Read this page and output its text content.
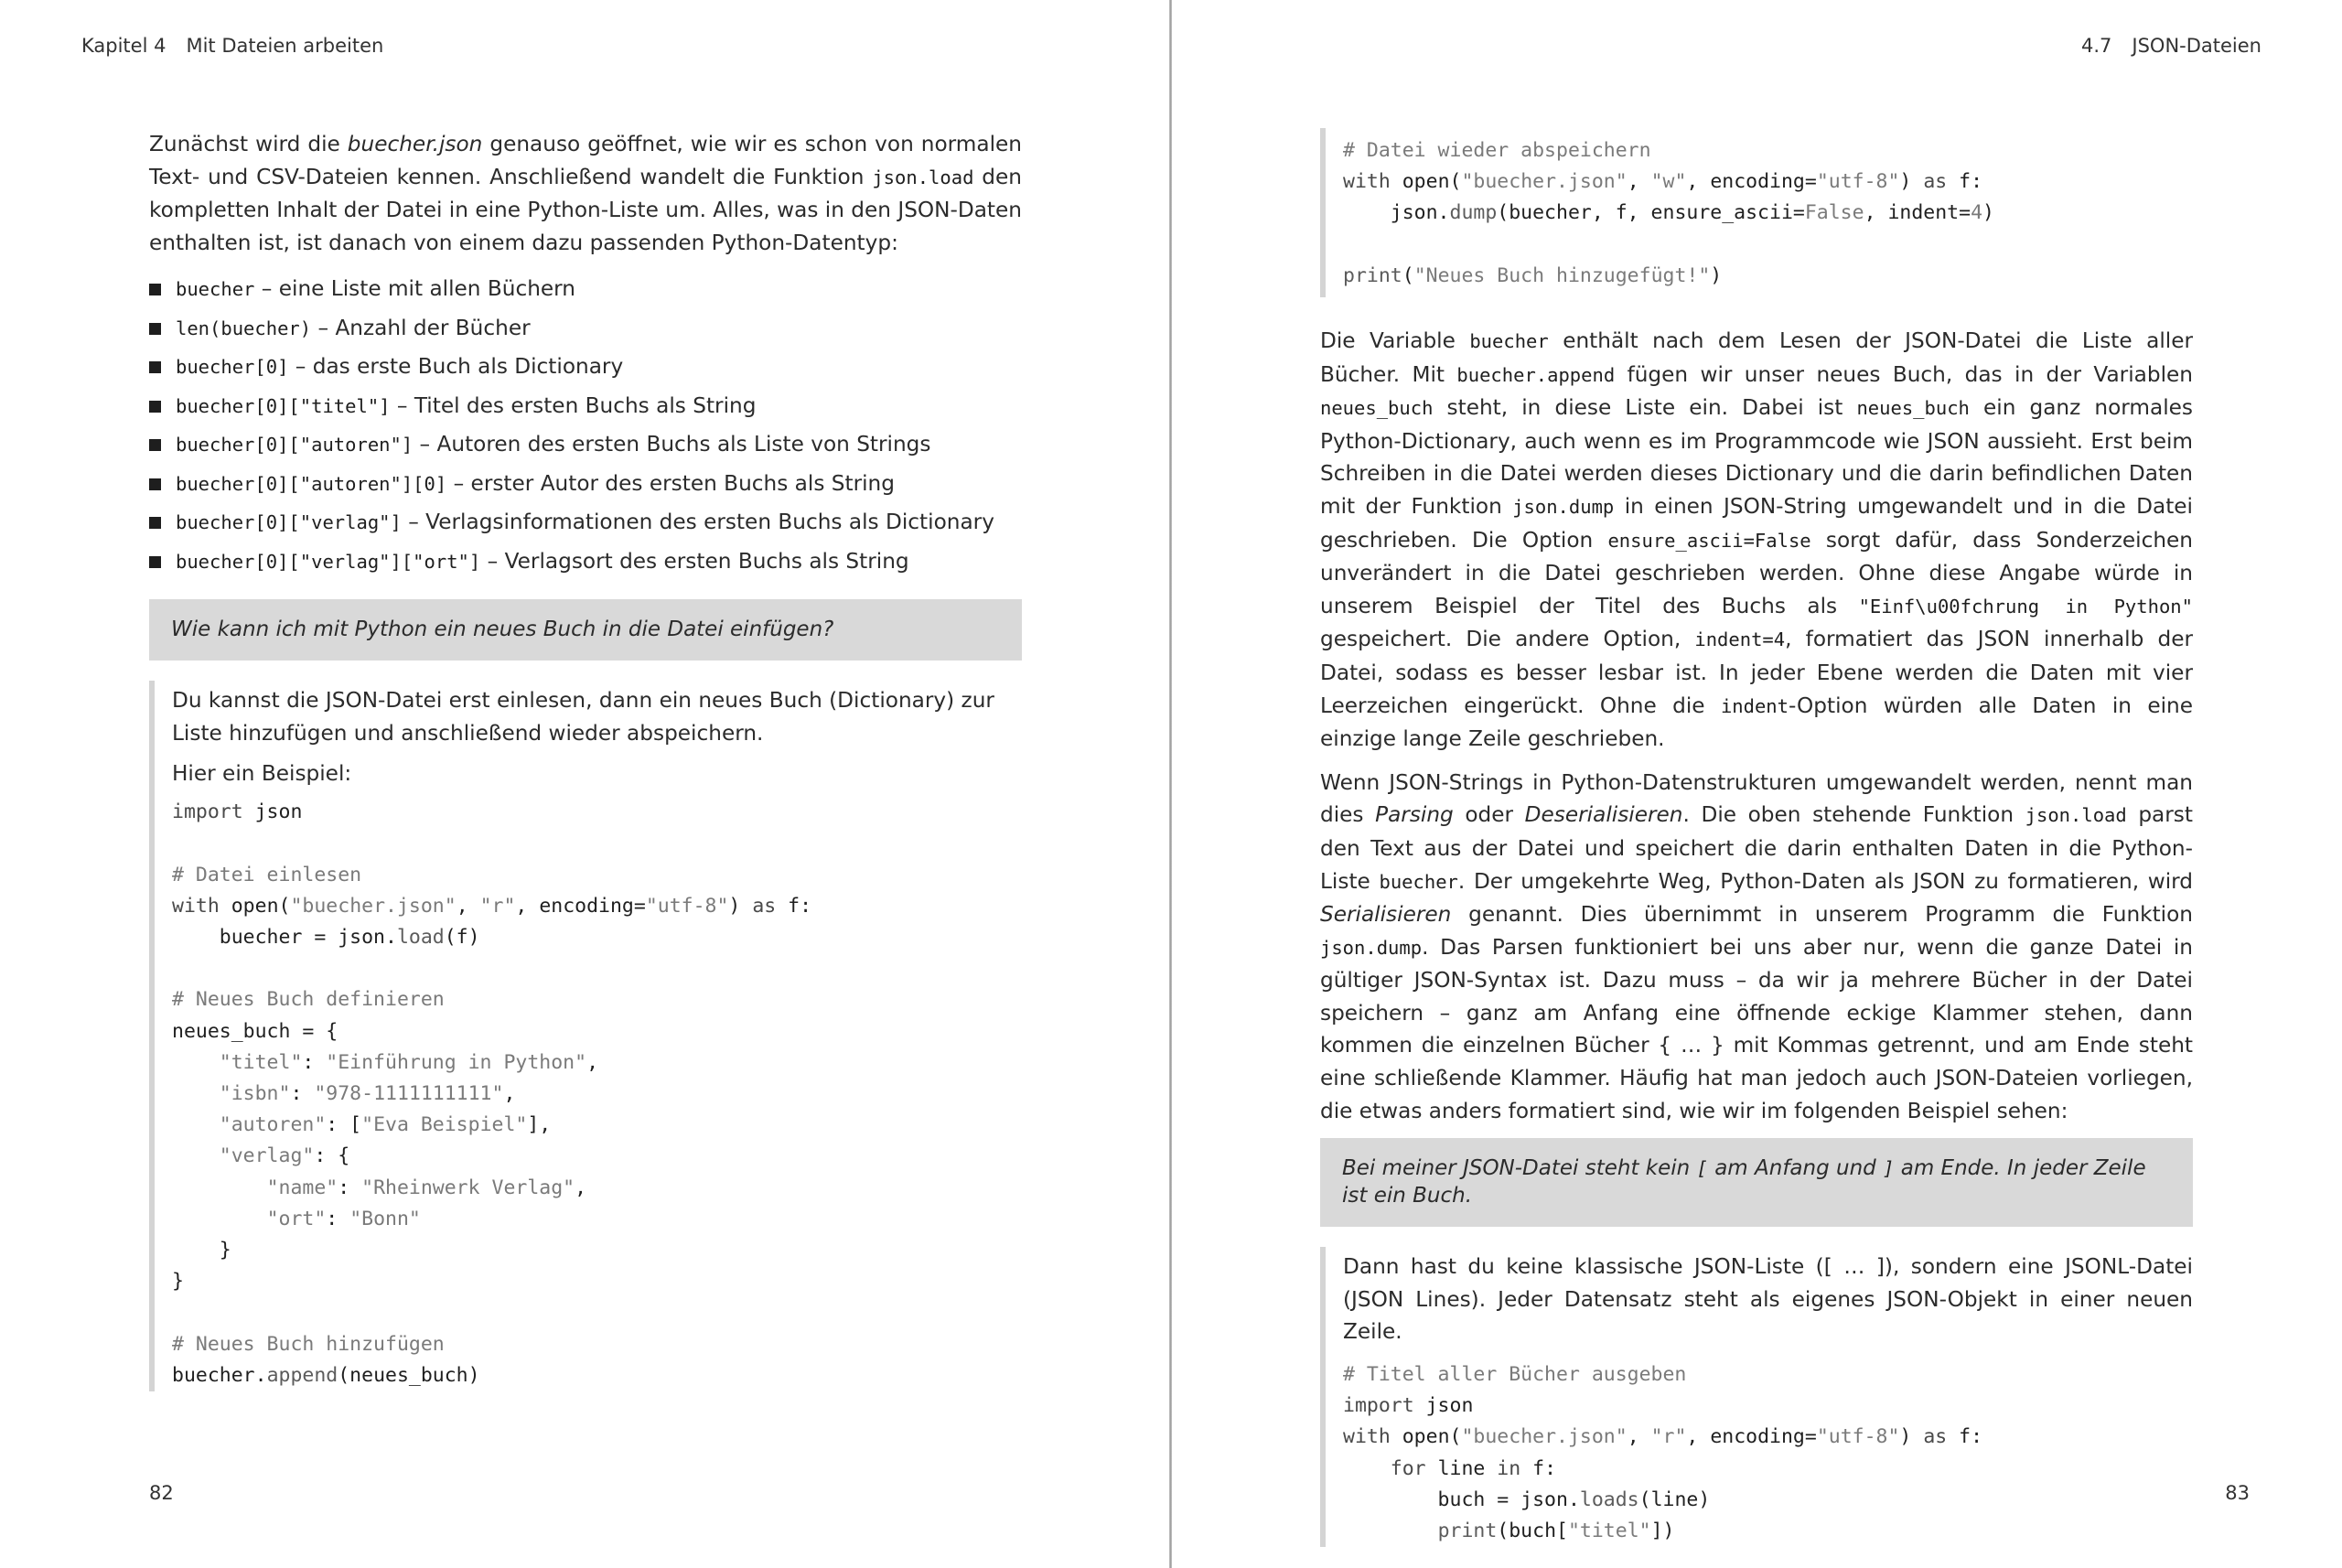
Kapitel 4 Mit Dateien arbeiten

Zunächst wird die buecher.json genauso geöffnet, wie wir es schon von normalen Text- und CSV-Dateien kennen. Anschließend wandelt die Funktion json.load den kompletten Inhalt der Datei in eine Python-Liste um. Alles, was in den JSON-Daten enthalten ist, ist danach von einem dazu passenden Python-Datentyp:

buecher – eine Liste mit allen Büchern
len(buecher) – Anzahl der Bücher
buecher[0] – das erste Buch als Dictionary
buecher[0]["titel"] – Titel des ersten Buchs als String
buecher[0]["autoren"] – Autoren des ersten Buchs als Liste von Strings
buecher[0]["autoren"][0] – erster Autor des ersten Buchs als String
buecher[0]["verlag"] – Verlagsinformationen des ersten Buchs als Dictionary
buecher[0]["verlag"]["ort"] – Verlagsort des ersten Buchs als String
Wie kann ich mit Python ein neues Buch in die Datei einfügen?

Du kannst die JSON-Datei erst einlesen, dann ein neues Buch (Dictionary) zur Liste hinzufügen und anschließend wieder abspeichern.

Hier ein Beispiel:

import json

# Datei einlesen
with open("buecher.json", "r", encoding="utf-8") as f:
buecher = json.load(f)

# Neues Buch definieren
neues_buch = {
"titel": "Einführung in Python",
"isbn": "978-1111111111",
"autoren": ["Eva Beispiel"],
"verlag": {
"name": "Rheinwerk Verlag",
"ort": "Bonn"
}
}

# Neues Buch hinzufügen
buecher.append(neues_buch)
82
4.7 JSON-Dateien
# Datei wieder abspeichern
with open("buecher.json", "w", encoding="utf-8") as f:
json.dump(buecher, f, ensure_ascii=False, indent=4)

print("Neues Buch hinzugefügt!")

Die Variable buecher enthält nach dem Lesen der JSON-Datei die Liste aller Bücher. Mit buecher.append fügen wir unser neues Buch, das in der Variablen neues_buch steht, in diese Liste ein. Dabei ist neues_buch ein ganz normales Python-Dictionary, auch wenn es im Programmcode wie JSON aussieht. Erst beim Schreiben in die Datei werden dieses Dictionary und die darin befindlichen Daten mit der Funktion json.dump in einen JSON-String umgewandelt und in die Datei geschrieben. Die Option ensure_ascii=False sorgt dafür, dass Sonderzeichen unverändert in die Datei geschrieben werden. Ohne diese Angabe würde in unserem Beispiel der Titel des Buchs als "Einf\u00fchrung in Python" gespeichert. Die andere Option, indent=4, formatiert das JSON innerhalb der Datei, sodass es besser lesbar ist. In jeder Ebene werden die Daten mit vier Leerzeichen eingerückt. Ohne die indent-Option würden alle Daten in eine einzige lange Zeile geschrieben.

Wenn JSON-Strings in Python-Datenstrukturen umgewandelt werden, nennt man dies Parsing oder Deserialisieren. Die oben stehende Funktion json.load parst den Text aus der Datei und speichert die darin enthalten Daten in die Python-Liste buecher. Der umgekehrte Weg, Python-Daten als JSON zu formatieren, wird Serialisieren genannt. Dies übernimmt in unserem Programm die Funktion json.dump. Das Parsen funktioniert bei uns aber nur, wenn die ganze Datei in gültiger JSON-Syntax ist. Dazu muss – da wir ja mehrere Bücher in der Datei speichern – ganz am Anfang eine öffnende eckige Klammer stehen, dann kommen die einzelnen Bücher { … } mit Kommas getrennt, und am Ende steht eine schließende Klammer. Häufig hat man jedoch auch JSON-Dateien vorliegen, die etwas anders formatiert sind, wie wir im folgenden Beispiel sehen:

Bei meiner JSON-Datei steht kein [ am Anfang und ] am Ende. In jeder Zeile ist ein Buch.

Dann hast du keine klassische JSON-Liste ([ … ]), sondern eine JSONL-Datei (JSON Lines). Jeder Datensatz steht als eigenes JSON-Objekt in einer neuen Zeile.

# Titel aller Bücher ausgeben
import json
with open("buecher.json", "r", encoding="utf-8") as f:
for line in f:
buch = json.loads(line)
print(buch["titel"])
83
